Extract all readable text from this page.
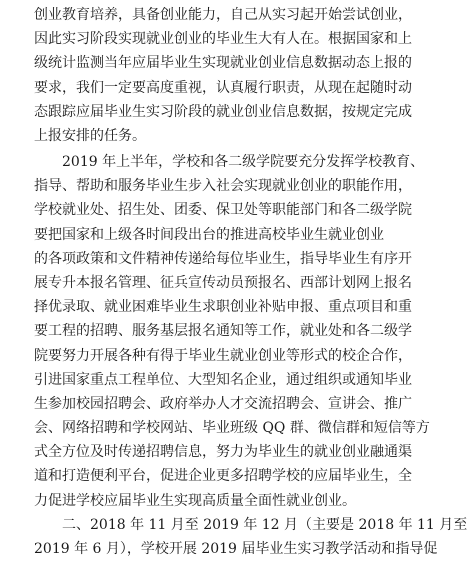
创业教育培养，具备创业能力，自己从实习起开始尝试创业，
因此实习阶段实现就业创业的毕业生大有人在。根据国家和上
级统计监测当年应届毕业生实现就业创业信息数据动态上报的
要求，我们一定要高度重视，认真履行职责，从现在起随时动
态跟踪应届毕业生实习阶段的就业创业信息数据，按规定完成
上报安排的任务。
2019 年上半年，学校和各二级学院要充分发挥学校教育、
指导、帮助和服务毕业生步入社会实现就业创业的职能作用，
学校就业处、招生处、团委、保卫处等职能部门和各二级学院
要把国家和上级各时间段出台的推进高校毕业生就业创业
的各项政策和文件精神传递给每位毕业生，指导毕业生有序开
展专升本报名管理、征兵宣传动员预报名、西部计划网上报名
择优录取、就业困难毕业生求职创业补贴申报、重点项目和重
要工程的招聘、服务基层报名通知等工作，就业处和各二级学
院要努力开展各种有得于毕业生就业创业等形式的校企合作，
引进国家重点工程单位、大型知名企业，通过组织或通知毕业
生参加校园招聘会、政府举办人才交流招聘会、宣讲会、推广
会、网络招聘和学校网站、毕业班级 QQ 群、微信群和短信等方
式全方位及时传递招聘信息，努力为毕业生的就业创业融通渠
道和打造便利平台，促进企业更多招聘学校的应届毕业生，全
力促进学校应届毕业生实现高质量全面性就业创业。
二、2018 年 11 月至 2019 年 12 月（主要是 2018 年 11 月至
2019 年 6 月），学校开展 2019 届毕业生实习教学活动和指导促
